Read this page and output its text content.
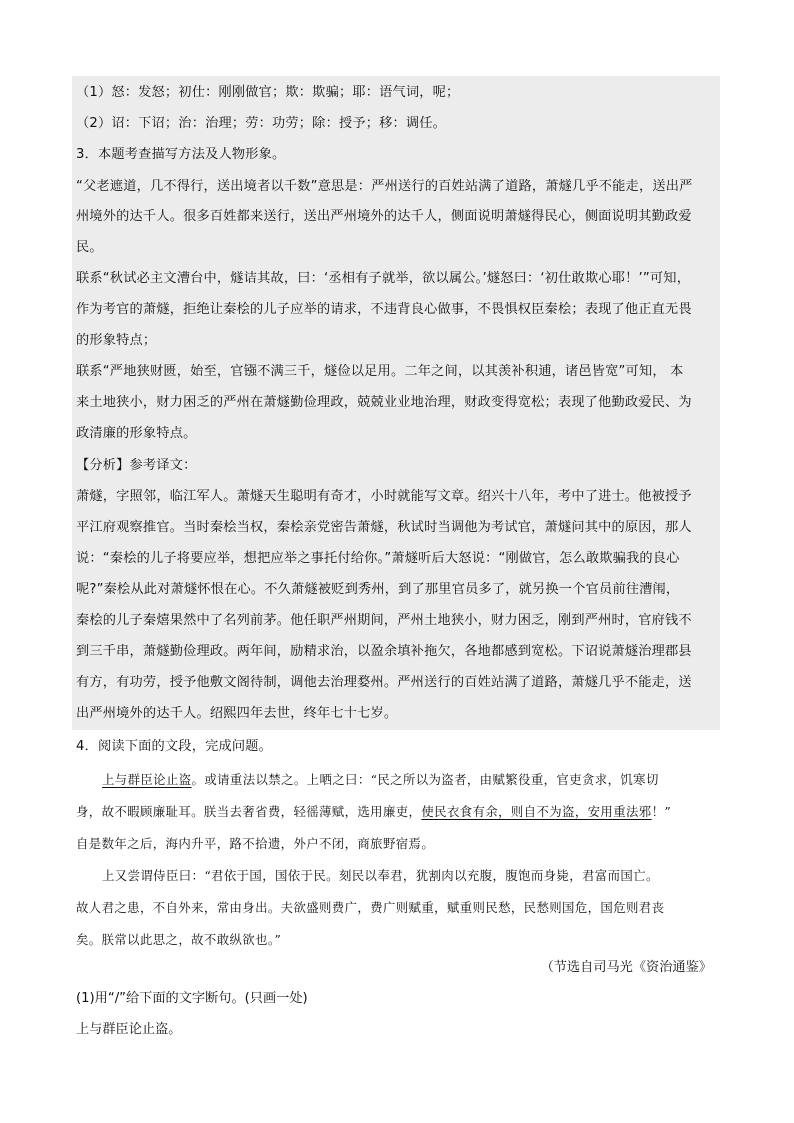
（1）怒：发怒；初仕：刚刚做官；欺：欺骗；耶：语气词，呢；
（2）诏：下诏；治：治理；劳：功劳；除：授予；移：调任。
3．本题考查描写方法及人物形象。
“父老遮道，几不得行，送出境者以千数”意思是：严州送行的百姓站满了道路，萧燧几乎不能走，送出严
州境外的达千人。很多百姓都来送行，送出严州境外的达千人，侧面说明萧燧得民心，侧面说明其勤政爱
民。
联系“秋试必主文漕台中，燧诘其故，曰：‘丞相有子就举，欲以属公。’燧怒曰：‘初仕敢欺心耶！’”可知，
作为考官的萧燧，拒绝让秦桧的儿子应举的请求，不违背良心做事，不畏惧权臣秦桧；表现了他正直无畏
的形象特点；
联系“严地狭财匮，始至，官镪不满三千，燧俭以足用。二年之间，以其羡补积逋，诸邑皆宽”可知， 本
来土地狭小，财力困乏的严州在萧燧勤俭理政，兢兢业业地治理，财政变得宽松；表现了他勤政爱民、为
政清廉的形象特点。
【分析】参考译文：
萧燧，字照邻，临江军人。萧燧天生聪明有奇才，小时就能写文章。绍兴十八年，考中了进士。他被授予
平江府观察推官。当时秦桧当权，秦桧亲党密告萧燧，秋试时当调他为考试官，萧燧问其中的原因，那人
说：“秦桧的儿子将要应举，想把应举之事托付给你。”萧燧听后大怒说：“刚做官，怎么敢欺骗我的良心
呢?”秦桧从此对萧燧怀恨在心。不久萧燧被贬到秀州，到了那里官员多了，就另换一个官员前往漕闱，
秦桧的儿子秦熺果然中了名列前茅。他任职严州期间，严州土地狭小，财力困乏，刚到严州时，官府钱不
到三千串，萧燧勤俭理政。两年间，励精求治，以盈余填补拖欠，各地都感到宽松。下诏说萧燧治理郡县
有方，有功劳，授予他敷文阁待制，调他去治理婺州。严州送行的百姓站满了道路，萧燧几乎不能走，送
出严州境外的达千人。绍熙四年去世，终年七十七岁。
4．阅读下面的文段，完成问题。
上与群臣论止盗。或请重法以禁之。上哂之曰：“民之所以为盗者，由赋繁役重，官吏贪求，饥寒切
身，故不暇顾廉耻耳。朕当去奢省费，轻徭薄赋，选用廉吏，使民衣食有余，则自不为盗，安用重法邪！”
自是数年之后，海内升平，路不拾遗，外户不闭，商旅野宿焉。
上又尝谓侍臣曰：“君依于国，国依于民。刻民以奉君，犹割肉以充腹，腹饱而身毙，君富而国亡。
故人君之患，不自外来，常由身出。夫欲盛则费广，费广则赋重，赋重则民愁，民愁则国危，国危则君丧
矣。朕常以此思之，故不敢纵欲也。”
（节选自司马光《资治通鉴》
(1)用“/”给下面的文字断句。(只画一处)
上与群臣论止盗。
